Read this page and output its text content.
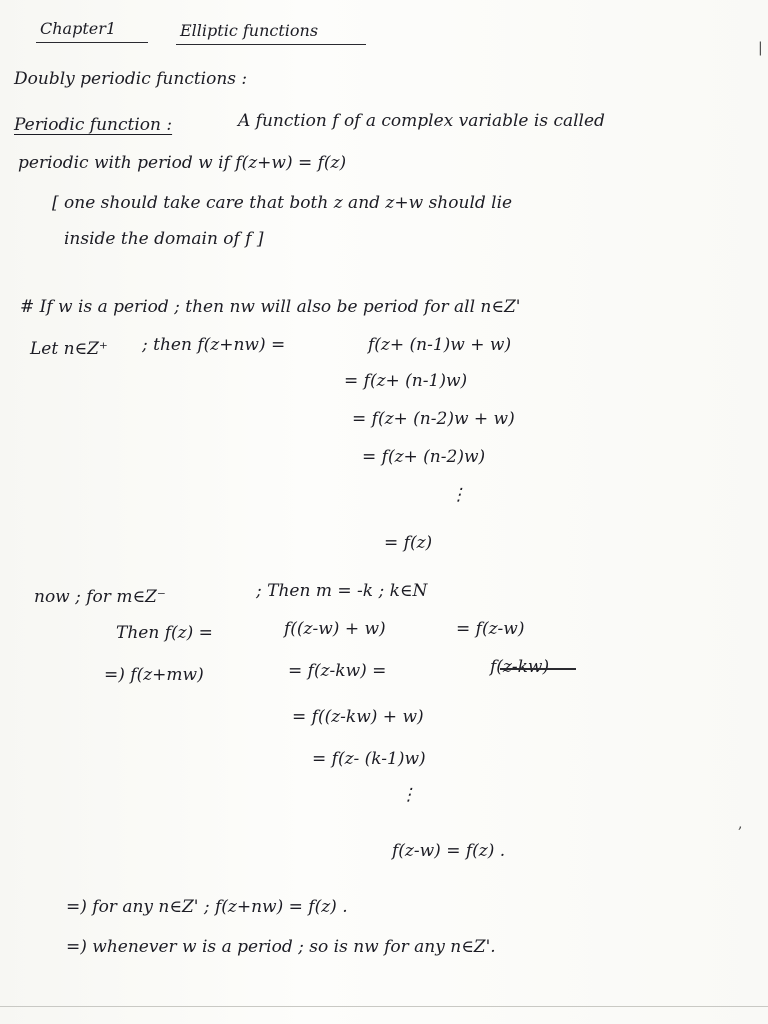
Chapter1	Elliptic functions
Doubly periodic functions :
Periodic function :	A function f of a complex variable is called
periodic with period w if f(z+w) = f(z)
[ one should take care that both z and z+w should lie
inside the domain of f ]
# If w is a period ; then nw will also be period for all n∈Z'
Let n∈Z⁺ ; then f(z+nw) =	f(z+ (n-1)w + w)
= f(z+ (n-1)w)
= f(z+ (n-2)w + w)
= f(z+ (n-2)w)
⋮
= f(z)
now ; for m∈Z⁻	; Then m = -k ; k∈N
Then f(z) =	f((z-w) + w)	= f(z-w)
=) f(z+mw)	= f(z-kw) =	f(z-kw)
= f((z-kw) + w)
= f(z- (k-1)w)
⋮
f(z-w) = f(z) .
=) for any n∈Z' ; f(z+nw) = f(z) .
=) whenever w is a period ; so is nw for any n∈Z'.
|
,
